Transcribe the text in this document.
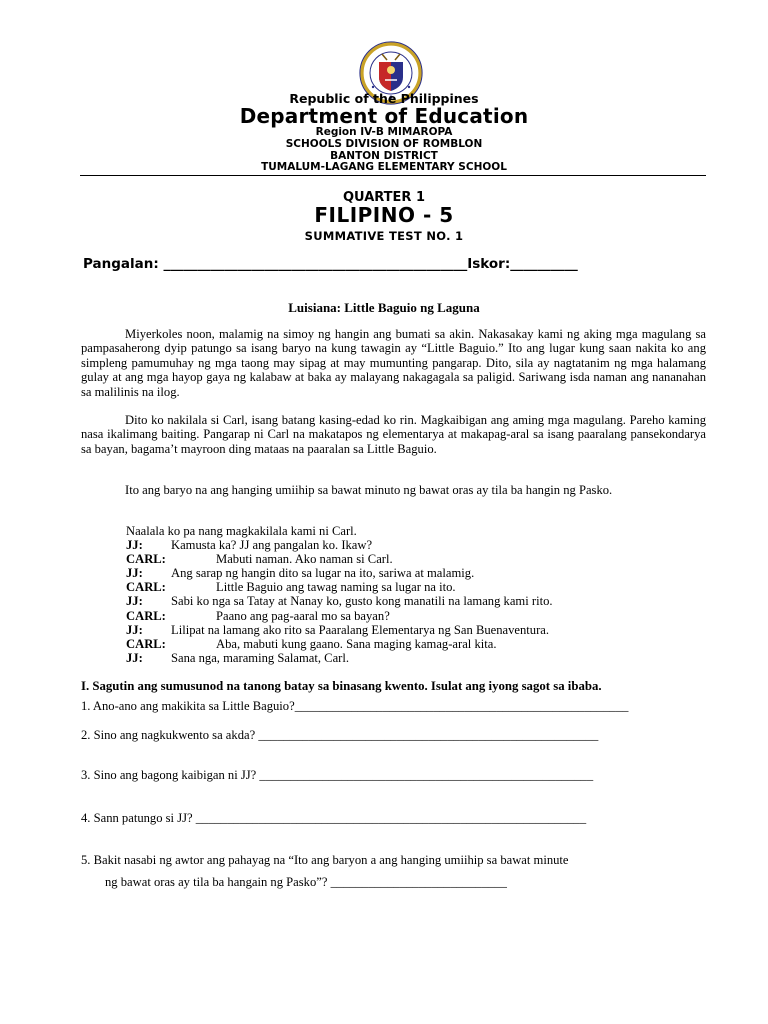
Republic of the Philippines
Department of Education
Region IV-B MIMAROPA
SCHOOLS DIVISION OF ROMBLON
BANTON DISTRICT
TUMALUM-LAGANG ELEMENTARY SCHOOL
QUARTER 1
FILIPINO - 5
SUMMATIVE TEST NO. 1
Pangalan: _____________________________________________Iskor:__________
Luisiana: Little Baguio ng Laguna

Miyerkoles noon, malamig na simoy ng hangin ang bumati sa akin. Nakasakay kami ng aking mga magulang sa pampasaherong dyip patungo sa isang baryo na kung tawagin ay “Little Baguio.” Ito ang lugar kung saan nakita ko ang simpleng pamumuhay ng mga taong may sipag at may mumunting pangarap. Dito, sila ay nagtatanim ng mga halamang gulay at ang mga hayop gaya ng kalabaw at baka ay malayang nakagagala sa paligid. Sariwang isda naman ang nananahan sa malilinis na ilog.

Dito ko nakilala si Carl, isang batang kasing-edad ko rin. Magkaibigan ang aming mga magulang. Pareho kaming nasa ikalimang baiting. Pangarap ni Carl na makatapos ng elementarya at makapag-aral sa isang paaralang pansekondarya sa bayan, bagama’t mayroon ding mataas na paaralan sa Little Baguio.

Ito ang baryo na ang hanging umiihip sa bawat minuto ng bawat oras ay tila ba hangin ng Pasko.

Naalala ko pa nang magkakilala kami ni Carl.
JJ:	Kamusta ka? JJ ang pangalan ko. Ikaw?
CARL:	Mabuti naman. Ako naman si Carl.
JJ:	Ang sarap ng hangin dito sa lugar na ito, sariwa at malamig.
CARL:	Little Baguio ang tawag naming sa lugar na ito.
JJ:	Sabi ko nga sa Tatay at Nanay ko, gusto kong manatili na lamang kami rito.
CARL:	Paano ang pag-aaral mo sa bayan?
JJ:	Lilipat na lamang ako rito sa Paaralang Elementarya ng San Buenaventura.
CARL:	Aba, mabuti kung gaano. Sana maging kamag-aral kita.
JJ:	Sana nga, maraming Salamat, Carl.
I. Sagutin ang sumusunod na tanong batay sa binasang kwento. Isulat ang iyong sagot sa ibaba.
1. Ano-ano ang makikita sa Little Baguio?_____________________________________________________
2. Sino ang nagkukwento sa akda? ______________________________________________________
3. Sino ang bagong kaibigan ni JJ? _____________________________________________________
4. Sann patungo si JJ? ______________________________________________________________
5. Bakit nasabi ng awtor ang pahayag na “Ito ang baryon a ang hanging umiihip sa bawat minute
ng bawat oras ay tila ba hangain ng Pasko”? ____________________________
